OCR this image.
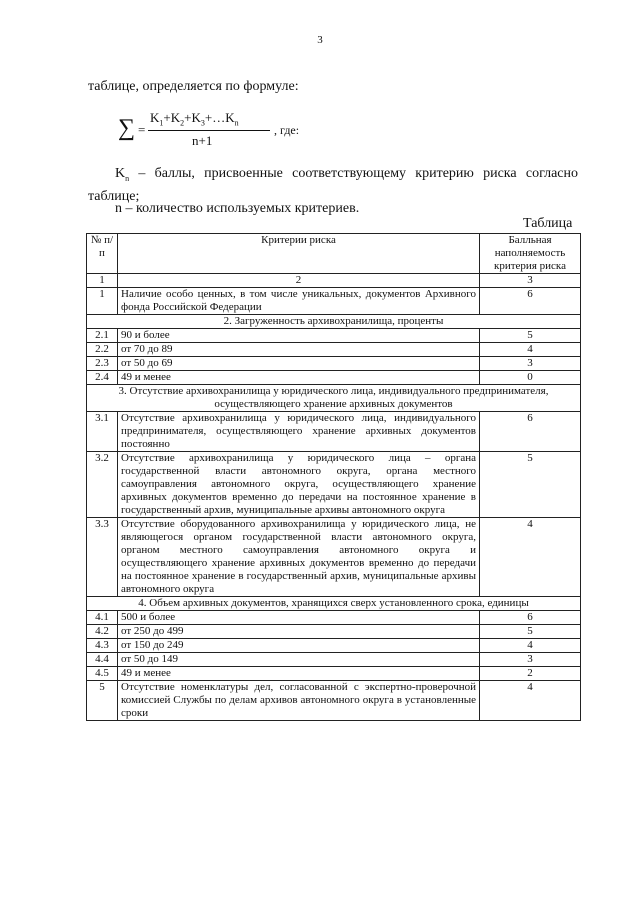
3
таблице, определяется по формуле:
∑ =
$K_1+K_2+K_3+\dots K_n$
n+1
, где:
$K_n$ – баллы, присвоенные соответствующему критерию риска согласно таблице;
n – количество используемых критериев.
Таблица
№ п/п	Критерии риска	Балльная наполняемость критерия риска
1	2	3
1	Наличие особо ценных, в том числе уникальных, документов Архивного фонда Российской Федерации	6
2. Загруженность архивохранилища, проценты		
2.1	90 и более	5
2.2	от 70 до 89	4
2.3	от 50 до 69	3
2.4	49 и менее	0
3. Отсутствие архивохранилища у юридического лица, индивидуального предпринимателя, осуществляющего хранение архивных документов		
3.1	Отсутствие архивохранилища у юридического лица, индивидуального предпринимателя, осуществляющего хранение архивных документов постоянно	6
3.2	Отсутствие архивохранилища у юридического лица – органа государственной власти автономного округа, органа местного самоуправления автономного округа, осуществляющего хранение архивных документов временно до передачи на постоянное хранение в государственный архив, муниципальные архивы автономного округа	5
3.3	Отсутствие оборудованного архивохранилища у юридического лица, не являющегося органом государственной власти автономного округа, органом местного самоуправления автономного округа и осуществляющего хранение архивных документов временно до передачи на постоянное хранение в государственный архив, муниципальные архивы автономного округа	4
4. Объем архивных документов, хранящихся сверх установленного срока, единицы		
4.1	500 и более	6
4.2	от 250 до 499	5
4.3	от 150 до 249	4
4.4	от 50 до 149	3
4.5	49 и менее	2
5	Отсутствие номенклатуры дел, согласованной с экспертно-проверочной комиссией Службы по делам архивов автономного округа в установленные сроки	4
